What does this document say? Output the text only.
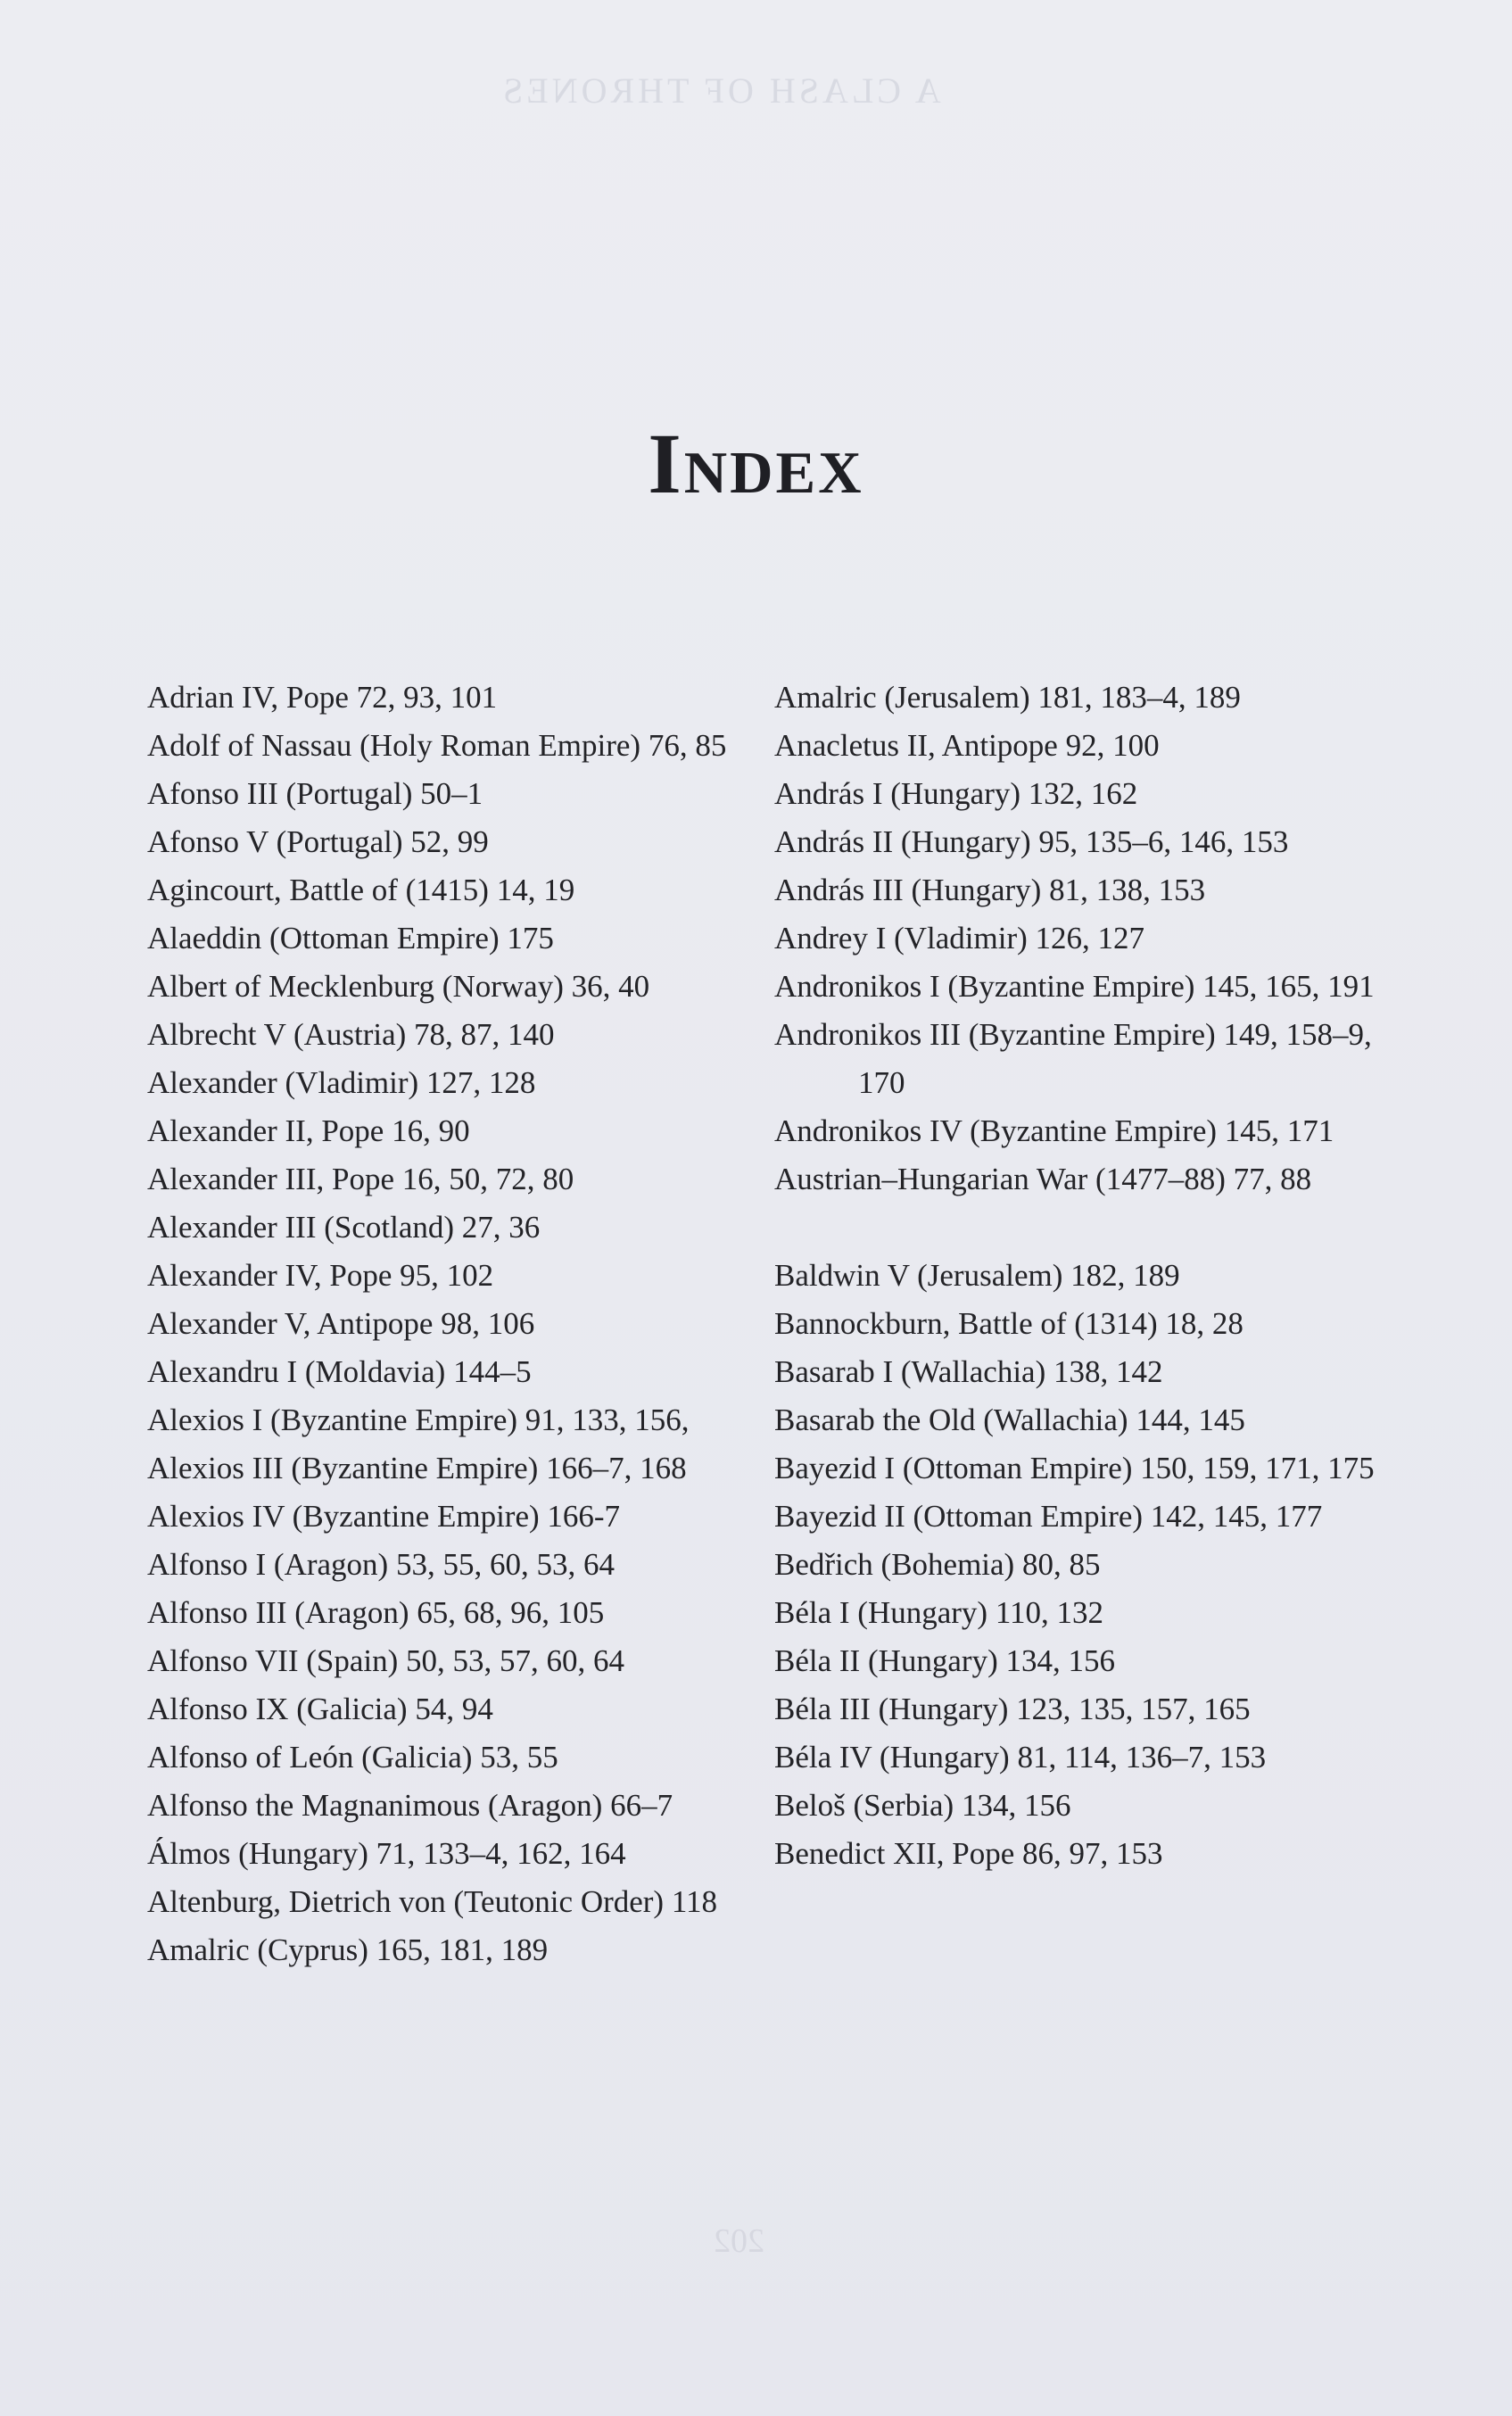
A CLASH OF THRONES
Index
Adrian IV, Pope 72, 93, 101
Adolf of Nassau (Holy Roman Empire) 76, 85
Afonso III (Portugal) 50–1
Afonso V (Portugal) 52, 99
Agincourt, Battle of (1415) 14, 19
Alaeddin (Ottoman Empire) 175
Albert of Mecklenburg (Norway) 36, 40
Albrecht V (Austria) 78, 87, 140
Alexander (Vladimir) 127, 128
Alexander II, Pope 16, 90
Alexander III, Pope 16, 50, 72, 80
Alexander III (Scotland) 27, 36
Alexander IV, Pope 95, 102
Alexander V, Antipope 98, 106
Alexandru I (Moldavia) 144–5
Alexios I (Byzantine Empire) 91, 133, 156,
Alexios III (Byzantine Empire) 166–7, 168
Alexios IV (Byzantine Empire) 166-7
Alfonso I (Aragon) 53, 55, 60, 53, 64
Alfonso III (Aragon) 65, 68, 96, 105
Alfonso VII (Spain) 50, 53, 57, 60, 64
Alfonso IX (Galicia) 54, 94
Alfonso of León (Galicia) 53, 55
Alfonso the Magnanimous (Aragon) 66–7
Álmos (Hungary) 71, 133–4, 162, 164
Altenburg, Dietrich von (Teutonic Order) 118
Amalric (Cyprus) 165, 181, 189
Amalric (Jerusalem) 181, 183–4, 189
Anacletus II, Antipope 92, 100
András I (Hungary) 132, 162
András II (Hungary) 95, 135–6, 146, 153
András III (Hungary) 81, 138, 153
Andrey I (Vladimir) 126, 127
Andronikos I (Byzantine Empire) 145, 165, 191
Andronikos III (Byzantine Empire) 149, 158–9, 170
Andronikos IV (Byzantine Empire) 145, 171
Austrian–Hungarian War (1477–88) 77, 88
Baldwin V (Jerusalem) 182, 189
Bannockburn, Battle of (1314) 18, 28
Basarab I (Wallachia) 138, 142
Basarab the Old (Wallachia) 144, 145
Bayezid I (Ottoman Empire) 150, 159, 171, 175
Bayezid II (Ottoman Empire) 142, 145, 177
Bedřich (Bohemia) 80, 85
Béla I (Hungary) 110, 132
Béla II (Hungary) 134, 156
Béla III (Hungary) 123, 135, 157, 165
Béla IV (Hungary) 81, 114, 136–7, 153
Beloš (Serbia) 134, 156
Benedict XII, Pope 86, 97, 153
202
